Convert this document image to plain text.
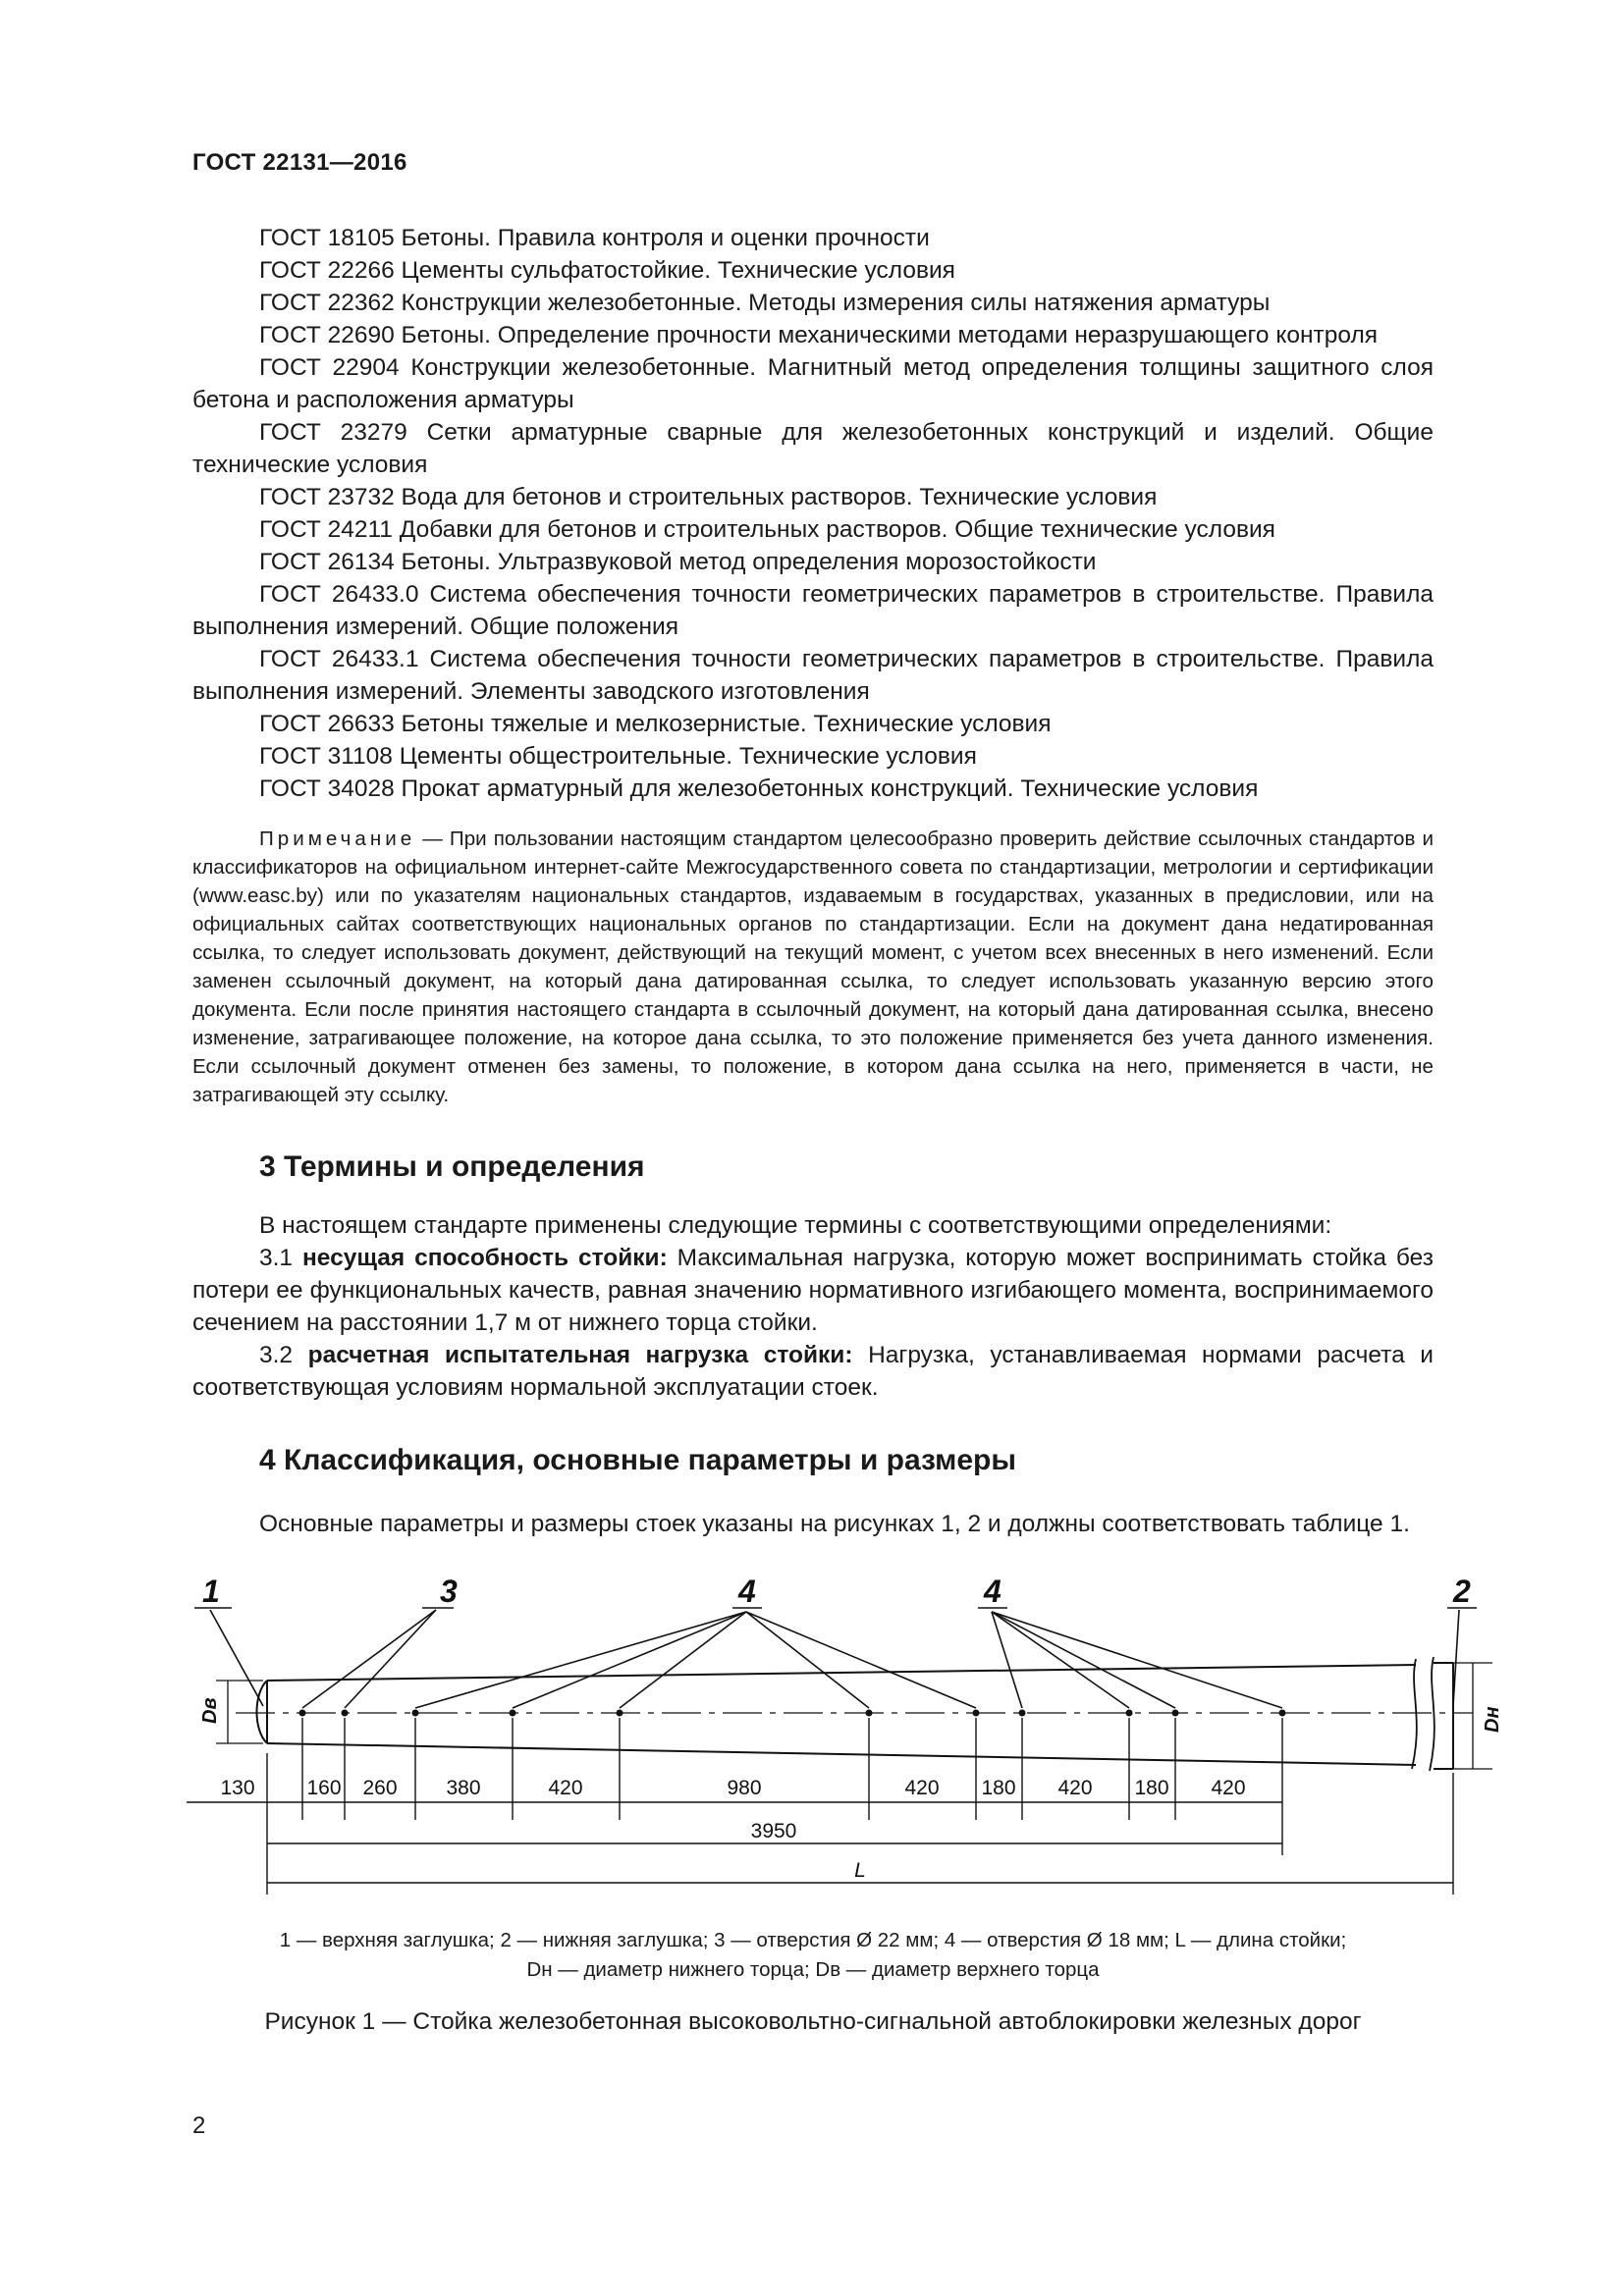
ГОСТ 22131—2016

ГОСТ 18105 Бетоны. Правила контроля и оценки прочности

ГОСТ 22266 Цементы сульфатостойкие. Технические условия

ГОСТ 22362 Конструкции железобетонные. Методы измерения силы натяжения арматуры

ГОСТ 22690 Бетоны. Определение прочности механическими методами неразрушающего контроля

ГОСТ 22904 Конструкции железобетонные. Магнитный метод определения толщины защитного слоя бетона и расположения арматуры

ГОСТ 23279 Сетки арматурные сварные для железобетонных конструкций и изделий. Общие технические условия

ГОСТ 23732 Вода для бетонов и строительных растворов. Технические условия

ГОСТ 24211 Добавки для бетонов и строительных растворов. Общие технические условия

ГОСТ 26134 Бетоны. Ультразвуковой метод определения морозостойкости

ГОСТ 26433.0 Система обеспечения точности геометрических параметров в строительстве. Правила выполнения измерений. Общие положения

ГОСТ 26433.1 Система обеспечения точности геометрических параметров в строительстве. Правила выполнения измерений. Элементы заводского изготовления

ГОСТ 26633 Бетоны тяжелые и мелкозернистые. Технические условия

ГОСТ 31108 Цементы общестроительные. Технические условия

ГОСТ 34028 Прокат арматурный для железобетонных конструкций. Технические условия

Примечание — При пользовании настоящим стандартом целесообразно проверить действие ссылочных стандартов и классификаторов на официальном интернет-сайте Межгосударственного совета по стандартизации, метрологии и сертификации (www.easc.by) или по указателям национальных стандартов, издаваемым в государствах, указанных в предисловии, или на официальных сайтах соответствующих национальных органов по стандартизации. Если на документ дана недатированная ссылка, то следует использовать документ, действующий на текущий момент, с учетом всех внесенных в него изменений. Если заменен ссылочный документ, на который дана датированная ссылка, то следует использовать указанную версию этого документа. Если после принятия настоящего стандарта в ссылочный документ, на который дана датированная ссылка, внесено изменение, затрагивающее положение, на которое дана ссылка, то это положение применяется без учета данного изменения. Если ссылочный документ отменен без замены, то положение, в котором дана ссылка на него, применяется в части, не затрагивающей эту ссылку.

3 Термины и определения

В настоящем стандарте применены следующие термины с соответствующими определениями:

3.1 несущая способность стойки: Максимальная нагрузка, которую может воспринимать стойка без потери ее функциональных качеств, равная значению нормативного изгибающего момента, воспринимаемого сечением на расстоянии 1,7 м от нижнего торца стойки.

3.2 расчетная испытательная нагрузка стойки: Нагрузка, устанавливаемая нормами расчета и соответствующая условиям нормальной эксплуатации стоек.

4 Классификация, основные параметры и размеры

Основные параметры и размеры стоек указаны на рисунках 1, 2 и должны соответствовать таблице 1.

1	3	4	4	2
Dв	Dн
130	160 260 380	420	980	420 180 420 180 420
3950
L
1 — верхняя заглушка; 2 — нижняя заглушка; 3 — отверстия Ø 22 мм; 4 — отверстия Ø 18 мм; L — длина стойки;
Dн — диаметр нижнего торца; Dв — диаметр верхнего торца
Рисунок 1 — Стойка железобетонная высоковольтно-сигнальной автоблокировки железных дорог
2
